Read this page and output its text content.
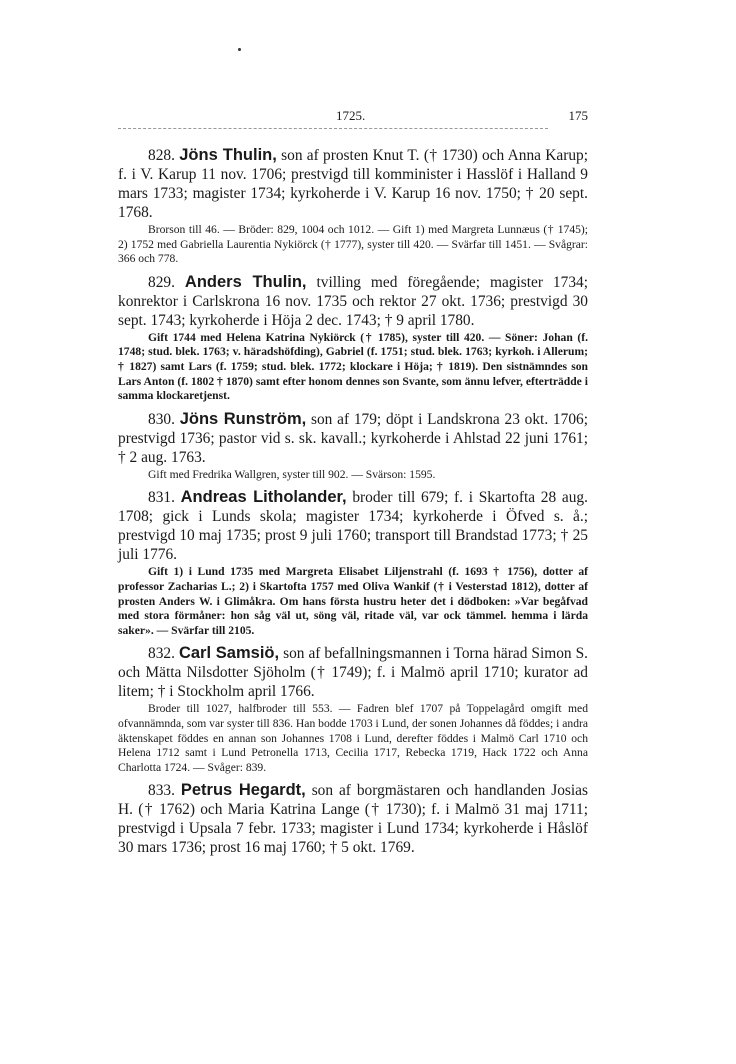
1725.	175

828. Jöns Thulin, son af prosten Knut T. († 1730) och Anna Karup; f. i V. Karup 11 nov. 1706; prestvigd till komminister i Hasslöf i Halland 9 mars 1733; magister 1734; kyrkoherde i V. Karup 16 nov. 1750; † 20 sept. 1768.

Brorson till 46. — Bröder: 829, 1004 och 1012. — Gift 1) med Margreta Lunnæus († 1745); 2) 1752 med Gabriella Laurentia Nykiörck († 1777), syster till 420. — Svärfar till 1451. — Svågrar: 366 och 778.

829. Anders Thulin, tvilling med föregående; magister 1734; konrektor i Carlskrona 16 nov. 1735 och rektor 27 okt. 1736; prestvigd 30 sept. 1743; kyrkoherde i Höja 2 dec. 1743; † 9 april 1780.

Gift 1744 med Helena Katrina Nykiörck († 1785), syster till 420. — Söner: Johan (f. 1748; stud. blek. 1763; v. häradshöfding), Gabriel (f. 1751; stud. blek. 1763; kyrkoh. i Allerum; † 1827) samt Lars (f. 1759; stud. blek. 1772; klockare i Höja; † 1819). Den sistnämndes son Lars Anton (f. 1802 † 1870) samt efter honom dennes son Svante, som ännu lefver, efterträdde i samma klockaretjenst.

830. Jöns Runström, son af 179; döpt i Landskrona 23 okt. 1706; prestvigd 1736; pastor vid s. sk. kavall.; kyrkoherde i Ahlstad 22 juni 1761; † 2 aug. 1763.

Gift med Fredrika Wallgren, syster till 902. — Svärson: 1595.

831. Andreas Litholander, broder till 679; f. i Skartofta 28 aug. 1708; gick i Lunds skola; magister 1734; kyrkoherde i Öfved s. å.; prestvigd 10 maj 1735; prost 9 juli 1760; transport till Brandstad 1773; † 25 juli 1776.

Gift 1) i Lund 1735 med Margreta Elisabet Liljenstrahl (f. 1693 † 1756), dotter af professor Zacharias L.; 2) i Skartofta 1757 med Oliva Wankif († i Vesterstad 1812), dotter af prosten Anders W. i Glimåkra. Om hans första hustru heter det i dödboken: »Var begåfvad med stora förmåner: hon såg väl ut, söng väl, ritade väl, var ock tämmel. hemma i lärda saker». — Svärfar till 2105.

832. Carl Samsiö, son af befallningsmannen i Torna härad Simon S. och Mätta Nilsdotter Sjöholm († 1749); f. i Malmö april 1710; kurator ad litem; † i Stockholm april 1766.

Broder till 1027, halfbroder till 553. — Fadren blef 1707 på Toppelagård omgift med ofvannämnda, som var syster till 836. Han bodde 1703 i Lund, der sonen Johannes då föddes; i andra äktenskapet föddes en annan son Johannes 1708 i Lund, derefter föddes i Malmö Carl 1710 och Helena 1712 samt i Lund Petronella 1713, Cecilia 1717, Rebecka 1719, Hack 1722 och Anna Charlotta 1724. — Svåger: 839.

833. Petrus Hegardt, son af borgmästaren och handlanden Josias H. († 1762) och Maria Katrina Lange († 1730); f. i Malmö 31 maj 1711; prestvigd i Upsala 7 febr. 1733; magister i Lund 1734; kyrkoherde i Håslöf 30 mars 1736; prost 16 maj 1760; † 5 okt. 1769.
